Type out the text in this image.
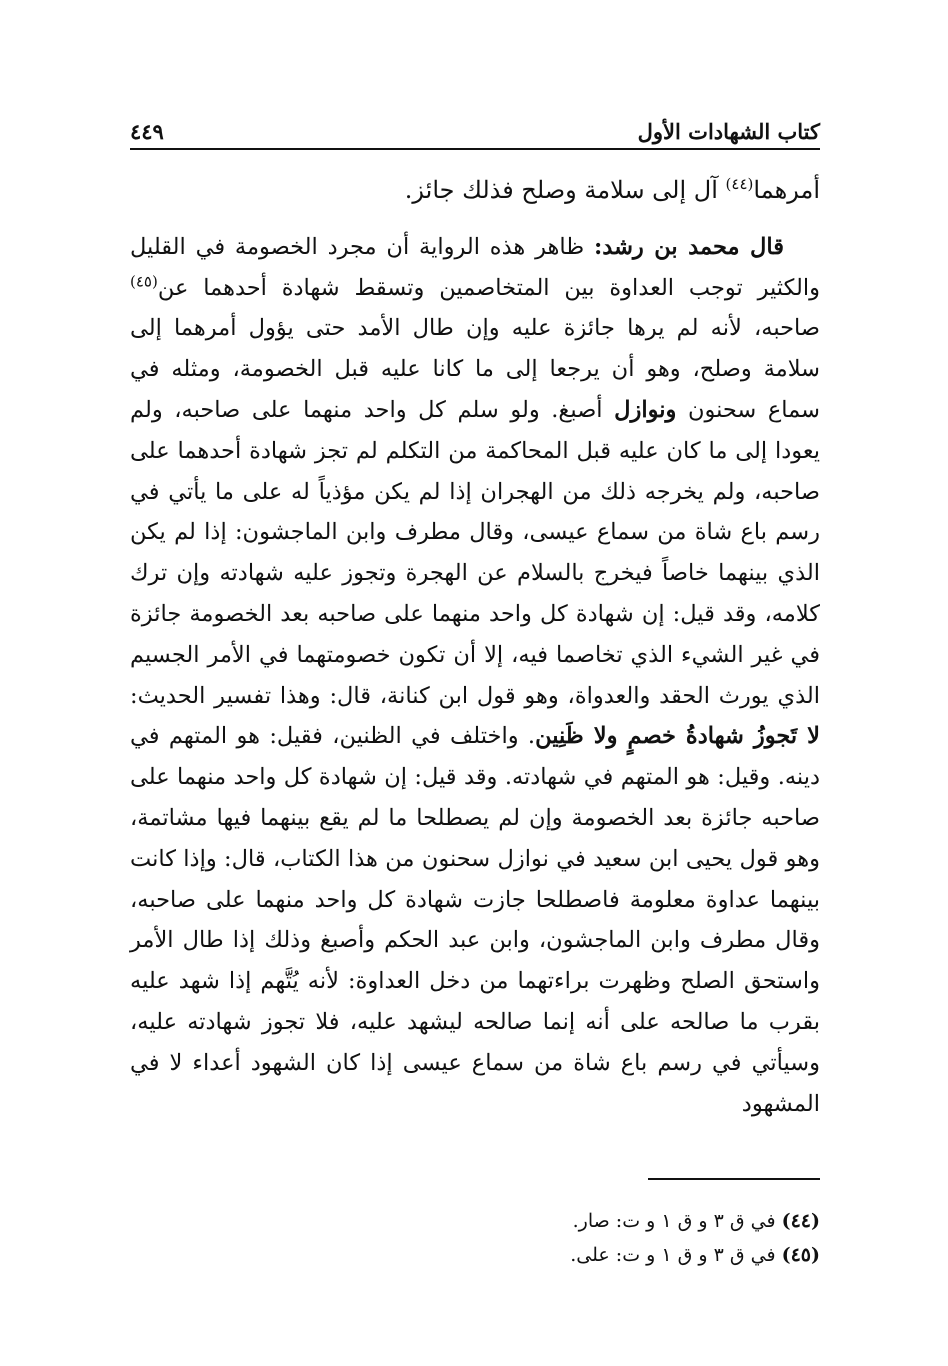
كتاب الشهادات الأول
٤٤٩

أمرهما$^{(٤٤)}$ آل إلى سلامة وصلح فذلك جائز.

قال محمد بن رشد: ظاهر هذه الرواية أن مجرد الخصومة في القليل والكثير توجب العداوة بين المتخاصمين وتسقط شهادة أحدهما عن$^{(٤٥)}$ صاحبه، لأنه لم يرها جائزة عليه وإن طال الأمد حتى يؤول أمرهما إلى سلامة وصلح، وهو أن يرجعا إلى ما كانا عليه قبل الخصومة، ومثله في سماع سحنون ونوازل أصبغ. ولو سلم كل واحد منهما على صاحبه، ولم يعودا إلى ما كان عليه قبل المحاكمة من التكلم لم تجز شهادة أحدهما على صاحبه، ولم يخرجه ذلك من الهجران إذا لم يكن مؤذياً له على ما يأتي في رسم باع شاة من سماع عيسى، وقال مطرف وابن الماجشون: إذا لم يكن الذي بينهما خاصاً فيخرج بالسلام عن الهجرة وتجوز عليه شهادته وإن ترك كلامه، وقد قيل: إن شهادة كل واحد منهما على صاحبه بعد الخصومة جائزة في غير الشيء الذي تخاصما فيه، إلا أن تكون خصومتهما في الأمر الجسيم الذي يورث الحقد والعدواة، وهو قول ابن كنانة، قال: وهذا تفسير الحديث: لا تَجوزُ شهادةُ خصمٍ ولا ظَنِين. واختلف في الظنين، فقيل: هو المتهم في دينه. وقيل: هو المتهم في شهادته. وقد قيل: إن شهادة كل واحد منهما على صاحبه جائزة بعد الخصومة وإن لم يصطلحا ما لم يقع بينهما فيها مشاتمة، وهو قول يحيى ابن سعيد في نوازل سحنون من هذا الكتاب، قال: وإذا كانت بينهما عداوة معلومة فاصطلحا جازت شهادة كل واحد منهما على صاحبه، وقال مطرف وابن الماجشون، وابن عبد الحكم وأصبغ وذلك إذا طال الأمر واستحق الصلح وظهرت براءتهما من دخل العداوة: لأنه يُتَّهم إذا شهد عليه بقرب ما صالحه على أنه إنما صالحه ليشهد عليه، فلا تجوز شهادته عليه، وسيأتي في رسم باع شاة من سماع عيسى إذا كان الشهود أعداء لا في المشهود

(٤٤)في ق ٣ و ق ١ و ت: صار.
(٤٥)في ق ٣ و ق ١ و ت: على.
